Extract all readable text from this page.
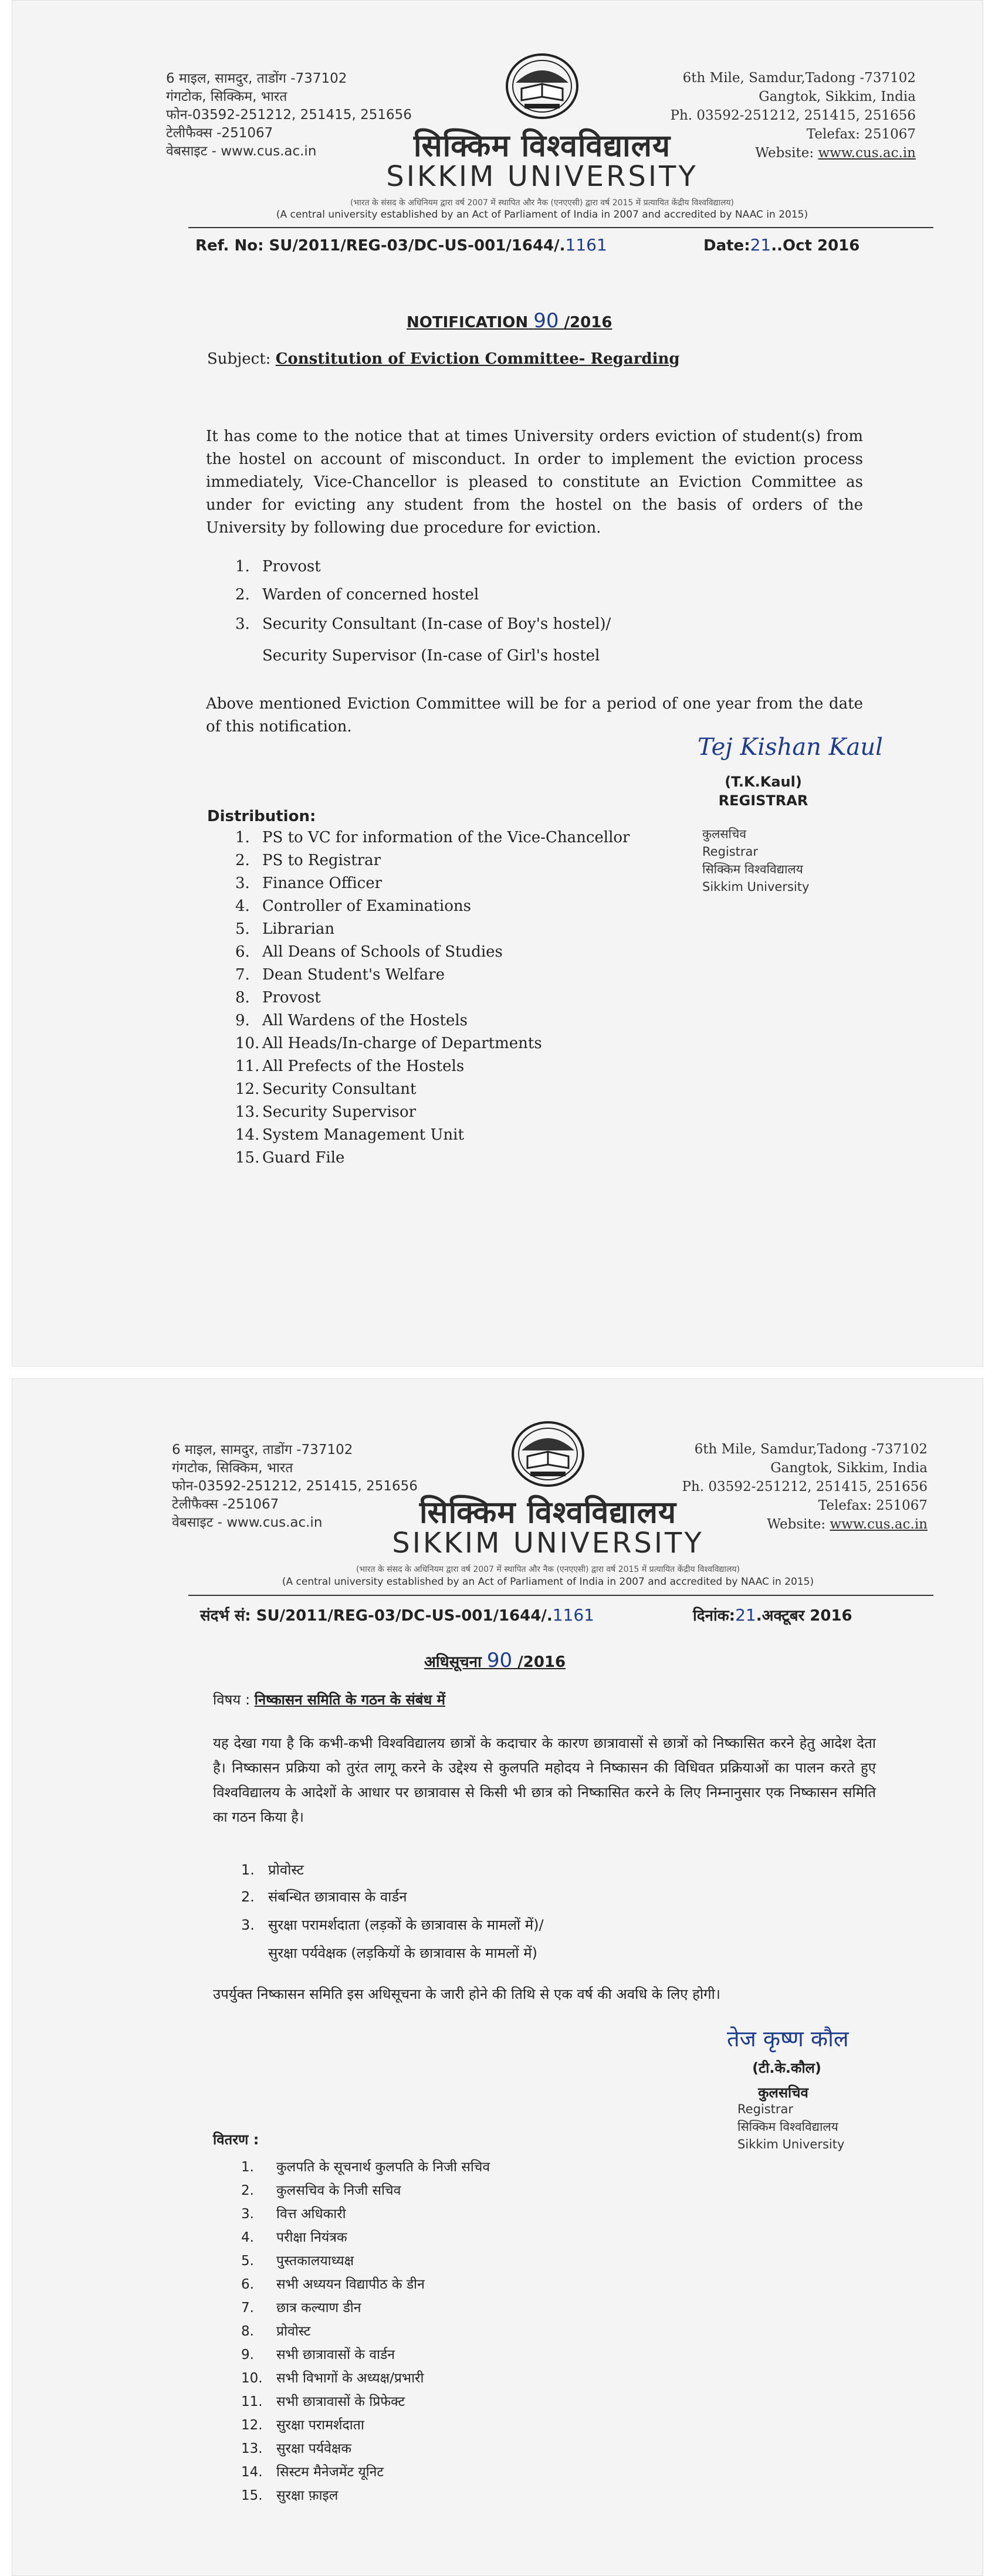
6 माइल, सामदुर, ताडोंग -737102
गंगटोक, सिक्किम, भारत
फोन-03592-251212, 251415, 251656
टेलीफैक्स -251067
वेबसाइट - www.cus.ac.in	सिक्किम विश्वविद्यालय
SIKKIM UNIVERSITY
(भारत के संसद के अधिनियम द्वारा वर्ष 2007 में स्थापित और नैक (एनएएसी) द्वारा वर्ष 2015 में प्रत्यायित केंद्रीय विश्वविद्यालय)
(A central university established by an Act of Parliament of India in 2007 and accredited by NAAC in 2015)
6th Mile, Samdur,Tadong -737102
Gangtok, Sikkim, India
Ph. 03592-251212, 251415, 251656
Telefax: 251067
Website: www.cus.ac.in
Ref. No: SU/2011/REG-03/DC-US-001/1644/.1161	Date:21..Oct 2016
NOTIFICATION 90 /2016
Subject: Constitution of Eviction Committee- Regarding
It has come to the notice that at times University orders eviction of student(s) from the hostel on account of misconduct. In order to implement the eviction process immediately, Vice-Chancellor is pleased to constitute an Eviction Committee as under for evicting any student from the hostel on the basis of orders of the University by following due procedure for eviction.
1. Provost
2. Warden of concerned hostel
3. Security Consultant (In-case of Boy's hostel)/
Security Supervisor (In-case of Girl's hostel
Above mentioned Eviction Committee will be for a period of one year from the date of this notification.
Tej Kishan Kaul
(T.K.Kaul)
REGISTRAR
कुलसचिव
Registrar
सिक्किम विश्वविद्यालय
Sikkim University
Distribution:
1. PS to VC for information of the Vice-Chancellor
2. PS to Registrar
3. Finance Officer
4. Controller of Examinations
5. Librarian
6. All Deans of Schools of Studies
7. Dean Student's Welfare
8. Provost
9. All Wardens of the Hostels
10. All Heads/In-charge of Departments
11. All Prefects of the Hostels
12. Security Consultant
13. Security Supervisor
14. System Management Unit
15. Guard File
6 माइल, सामदुर, ताडोंग -737102
गंगटोक, सिक्किम, भारत
फोन-03592-251212, 251415, 251656
टेलीफैक्स -251067
वेबसाइट - www.cus.ac.in	सिक्किम विश्वविद्यालय
SIKKIM UNIVERSITY
(भारत के संसद के अधिनियम द्वारा वर्ष 2007 में स्थापित और नैक (एनएएसी) द्वारा वर्ष 2015 में प्रत्यायित केंद्रीय विश्वविद्यालय)
(A central university established by an Act of Parliament of India in 2007 and accredited by NAAC in 2015)
6th Mile, Samdur,Tadong -737102
Gangtok, Sikkim, India
Ph. 03592-251212, 251415, 251656
Telefax: 251067
Website: www.cus.ac.in
संदर्भ सं: SU/2011/REG-03/DC-US-001/1644/.1161	दिनांक:21.अक्टूबर 2016
अधिसूचना 90 /2016
विषय : निष्कासन समिति के गठन के संबंध में
यह देखा गया है कि कभी-कभी विश्वविद्यालय छात्रों के कदाचार के कारण छात्रावासों से छात्रों को निष्कासित करने हेतु आदेश देता है। निष्कासन प्रक्रिया को तुरंत लागू करने के उद्देश्य से कुलपति महोदय ने निष्कासन की विधिवत प्रक्रियाओं का पालन करते हुए विश्वविद्यालय के आदेशों के आधार पर छात्रावास से किसी भी छात्र को निष्कासित करने के लिए निम्नानुसार एक निष्कासन समिति का गठन किया है।
1. प्रोवोस्ट
2. संबन्धित छात्रावास के वार्डन
3. सुरक्षा परामर्शदाता (लड़कों के छात्रावास के मामलों में)/
सुरक्षा पर्यवेक्षक (लड़कियों के छात्रावास के मामलों में)
उपर्युक्त निष्कासन समिति इस अधिसूचना के जारी होने की तिथि से एक वर्ष की अवधि के लिए होगी।
तेज कृष्ण कौल
(टी.के.कौल)
कुलसचिव
Registrar
सिक्किम विश्वविद्यालय
Sikkim University
वितरण :
1. कुलपति के सूचनार्थ कुलपति के निजी सचिव
2. कुलसचिव के निजी सचिव
3. वित्त अधिकारी
4. परीक्षा नियंत्रक
5. पुस्तकालयाध्यक्ष
6. सभी अध्ययन विद्यापीठ के डीन
7. छात्र कल्याण डीन
8. प्रोवोस्ट
9. सभी छात्रावासों के वार्डन
10. सभी विभागों के अध्यक्ष/प्रभारी
11. सभी छात्रावासों के प्रिफेक्ट
12. सुरक्षा परामर्शदाता
13. सुरक्षा पर्यवेक्षक
14. सिस्टम मैनेजमेंट यूनिट
15. सुरक्षा फ़ाइल
